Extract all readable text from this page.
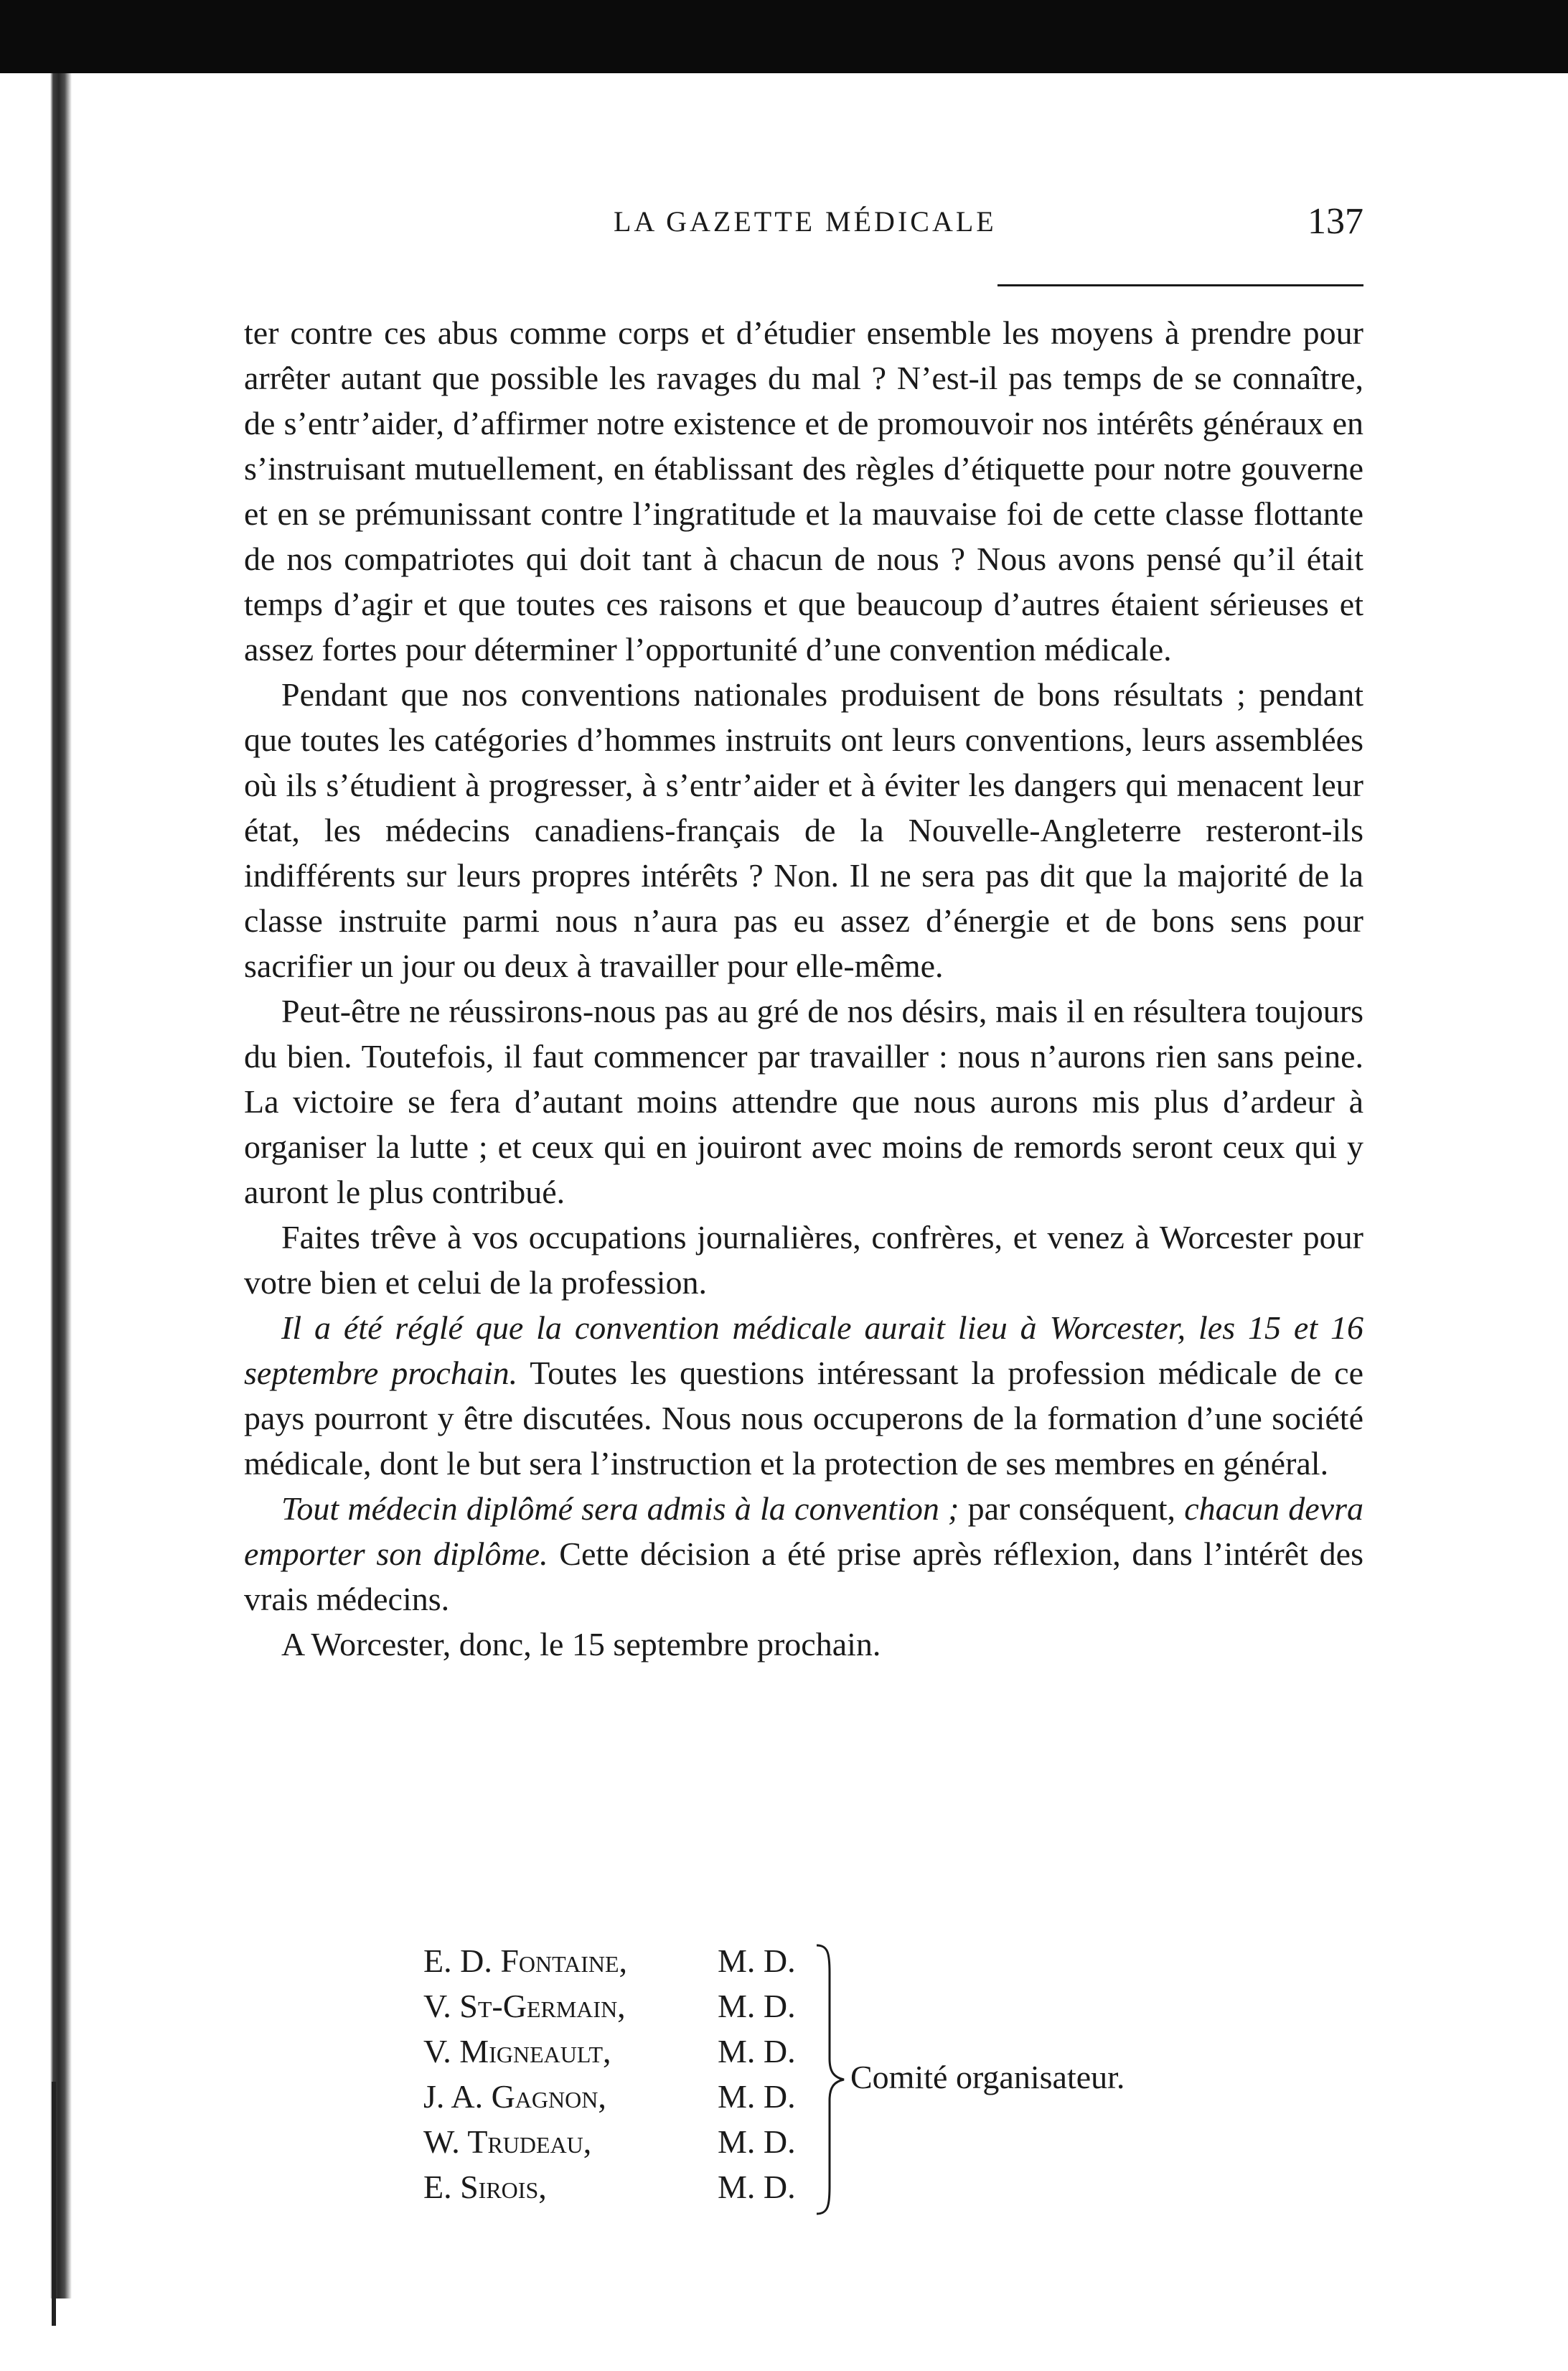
LA GAZETTE MÉDICALE	137

ter contre ces abus comme corps et d’étudier ensemble les moyens à prendre pour arrêter autant que possible les ravages du mal ? N’est-il pas temps de se connaître, de s’entr’aider, d’affirmer notre existence et de promouvoir nos intérêts généraux en s’instruisant mutuellement, en établissant des règles d’étiquette pour notre gouverne et en se prémunissant contre l’ingratitude et la mauvaise foi de cette classe flottante de nos compatriotes qui doit tant à chacun de nous ? Nous avons pensé qu’il était temps d’agir et que toutes ces raisons et que beaucoup d’autres étaient sérieuses et assez fortes pour déterminer l’opportunité d’une convention médicale.

Pendant que nos conventions nationales produisent de bons résultats ; pendant que toutes les catégories d’hommes instruits ont leurs conventions, leurs assemblées où ils s’étudient à progresser, à s’entr’aider et à éviter les dangers qui menacent leur état, les médecins canadiens-français de la Nouvelle-Angleterre resteront-ils indifférents sur leurs propres intérêts ? Non. Il ne sera pas dit que la majorité de la classe instruite parmi nous n’aura pas eu assez d’énergie et de bons sens pour sacrifier un jour ou deux à travailler pour elle-même.

Peut-être ne réussirons-nous pas au gré de nos désirs, mais il en résultera toujours du bien. Toutefois, il faut commencer par travailler : nous n’aurons rien sans peine. La victoire se fera d’autant moins attendre que nous aurons mis plus d’ardeur à organiser la lutte ; et ceux qui en jouiront avec moins de remords seront ceux qui y auront le plus contribué.

Faites trêve à vos occupations journalières, confrères, et venez à Worcester pour votre bien et celui de la profession.

Il a été réglé que la convention médicale aurait lieu à Worcester, les 15 et 16 septembre prochain. Toutes les questions intéressant la profession médicale de ce pays pourront y être discutées. Nous nous occuperons de la formation d’une société médicale, dont le but sera l’instruction et la protection de ses membres en général.

Tout médecin diplômé sera admis à la convention ; par conséquent, chacun devra emporter son diplôme. Cette décision a été prise après réflexion, dans l’intérêt des vrais médecins.

A Worcester, donc, le 15 septembre prochain.

E. D. Fontaine,	M. D.
V. St-Germain,	M. D.
V. Migneault,	M. D.
J. A. Gagnon,	M. D.
W. Trudeau,	M. D.
E. Sirois,	M. D.
Comité organisateur.
